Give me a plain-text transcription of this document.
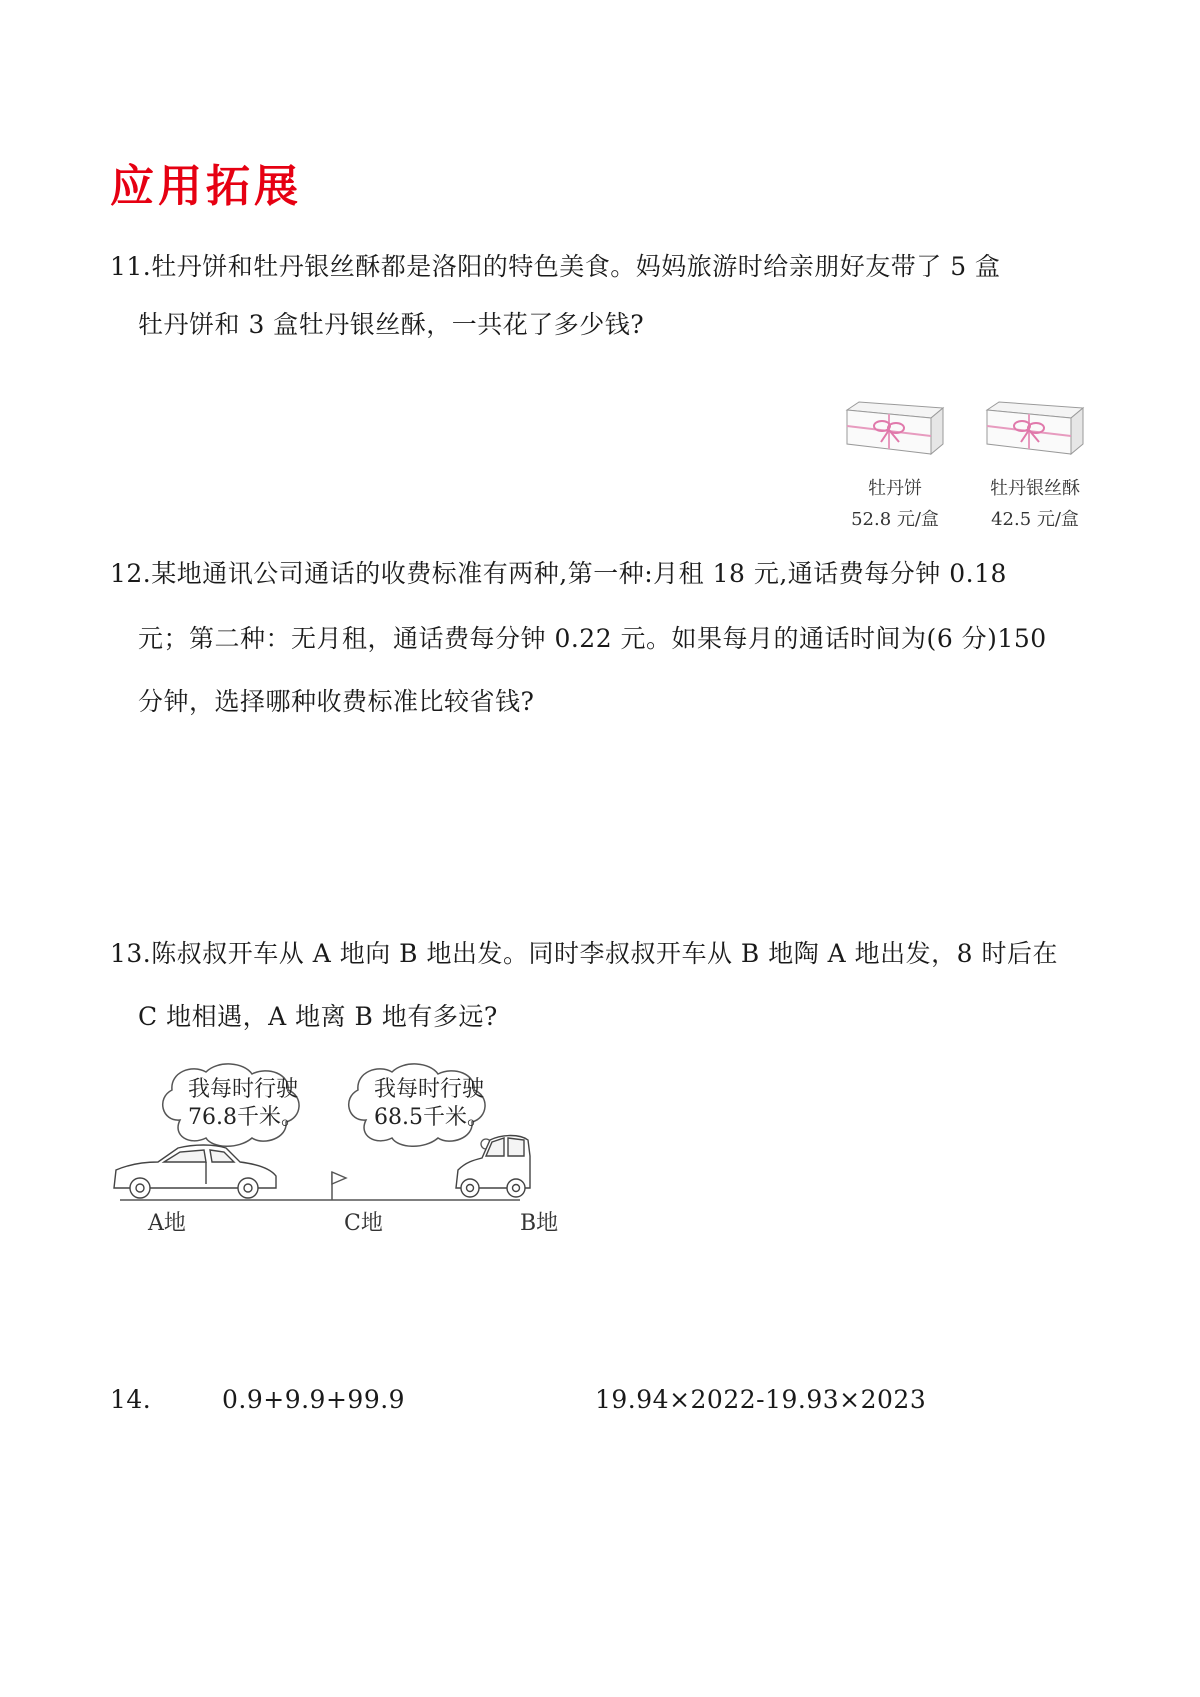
应用拓展
11.牡丹饼和牡丹银丝酥都是洛阳的特色美食。妈妈旅游时给亲朋好友带了 5 盒
牡丹饼和 3 盒牡丹银丝酥，一共花了多少钱?
牡丹饼
52.8 元/盒
牡丹银丝酥
42.5 元/盒
12.某地通讯公司通话的收费标准有两种,第一种:月租 18 元,通话费每分钟 0.18
元；第二种：无月租，通话费每分钟 0.22 元。如果每月的通话时间为(6 分)150
分钟，选择哪种收费标准比较省钱?
13.陈叔叔开车从 A 地向 B 地出发。同时李叔叔开车从 B 地陶 A 地出发，8 时后在
C 地相遇，A 地离 B 地有多远?
我每时行驶
76.8千米。
我每时行驶
68.5千米。
A地	C地	B地
14.	0.9+9.9+99.9	19.94×2022-19.93×2023
